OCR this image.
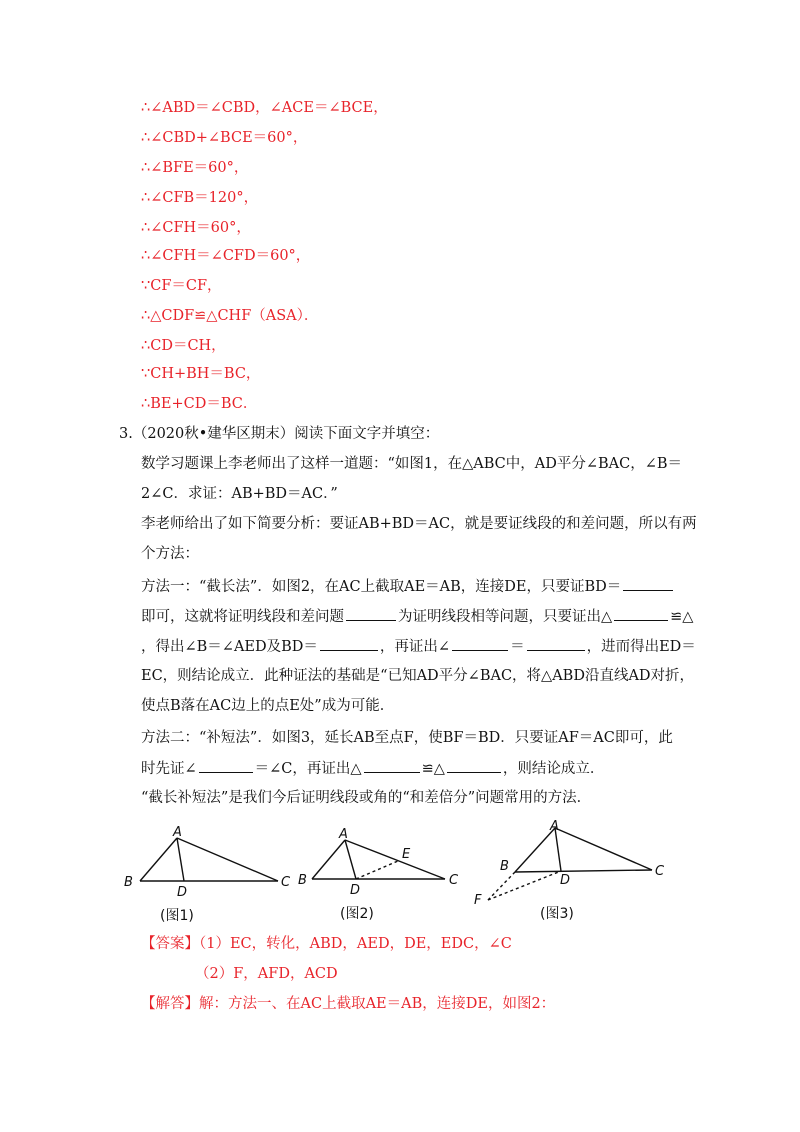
∴∠ABD＝∠CBD，∠ACE＝∠BCE，
∴∠CBD+∠BCE＝60°，
∴∠BFE＝60°，
∴∠CFB＝120°，
∴∠CFH＝60°，
∴∠CFH＝∠CFD＝60°，
∵CF＝CF，
∴△CDF≌△CHF（ASA）．
∴CD＝CH，
∵CH+BH＝BC，
∴BE+CD＝BC．
3.（2020秋•建华区期末）阅读下面文字并填空：
数学习题课上李老师出了这样一道题：“如图1，在△ABC中，AD平分∠BAC，∠B＝
2∠C．求证：AB+BD＝AC．”
李老师给出了如下简要分析：要证AB+BD＝AC，就是要证线段的和差问题，所以有两
个方法：
方法一：“截长法”．如图2，在AC上截取AE＝AB，连接DE，只要证BD＝
即可，这就将证明线段和差问题	为证明线段相等问题，只要证出△	≌△
，得出∠B＝∠AED及BD＝	，再证出∠	＝	，进而得出ED＝
EC，则结论成立．此种证法的基础是“已知AD平分∠BAC，将△ABD沿直线AD对折，
使点B落在AC边上的点E处”成为可能．
方法二：“补短法”．如图3，延长AB至点F，使BF＝BD．只要证AF＝AC即可，此
时先证∠	＝∠C，再证出△	≌△	，则结论成立．
“截长补短法”是我们今后证明线段或角的“和差倍分”问题常用的方法．
A
B	C
D
(图1)
A
B	C
D
E
(图2)
A
B	C
D
F
(图3)
【答案】（1）EC，转化，ABD，AED，DE，EDC，∠C
（2）F，AFD，ACD
【解答】解：方法一、在AC上截取AE＝AB，连接DE，如图2：
